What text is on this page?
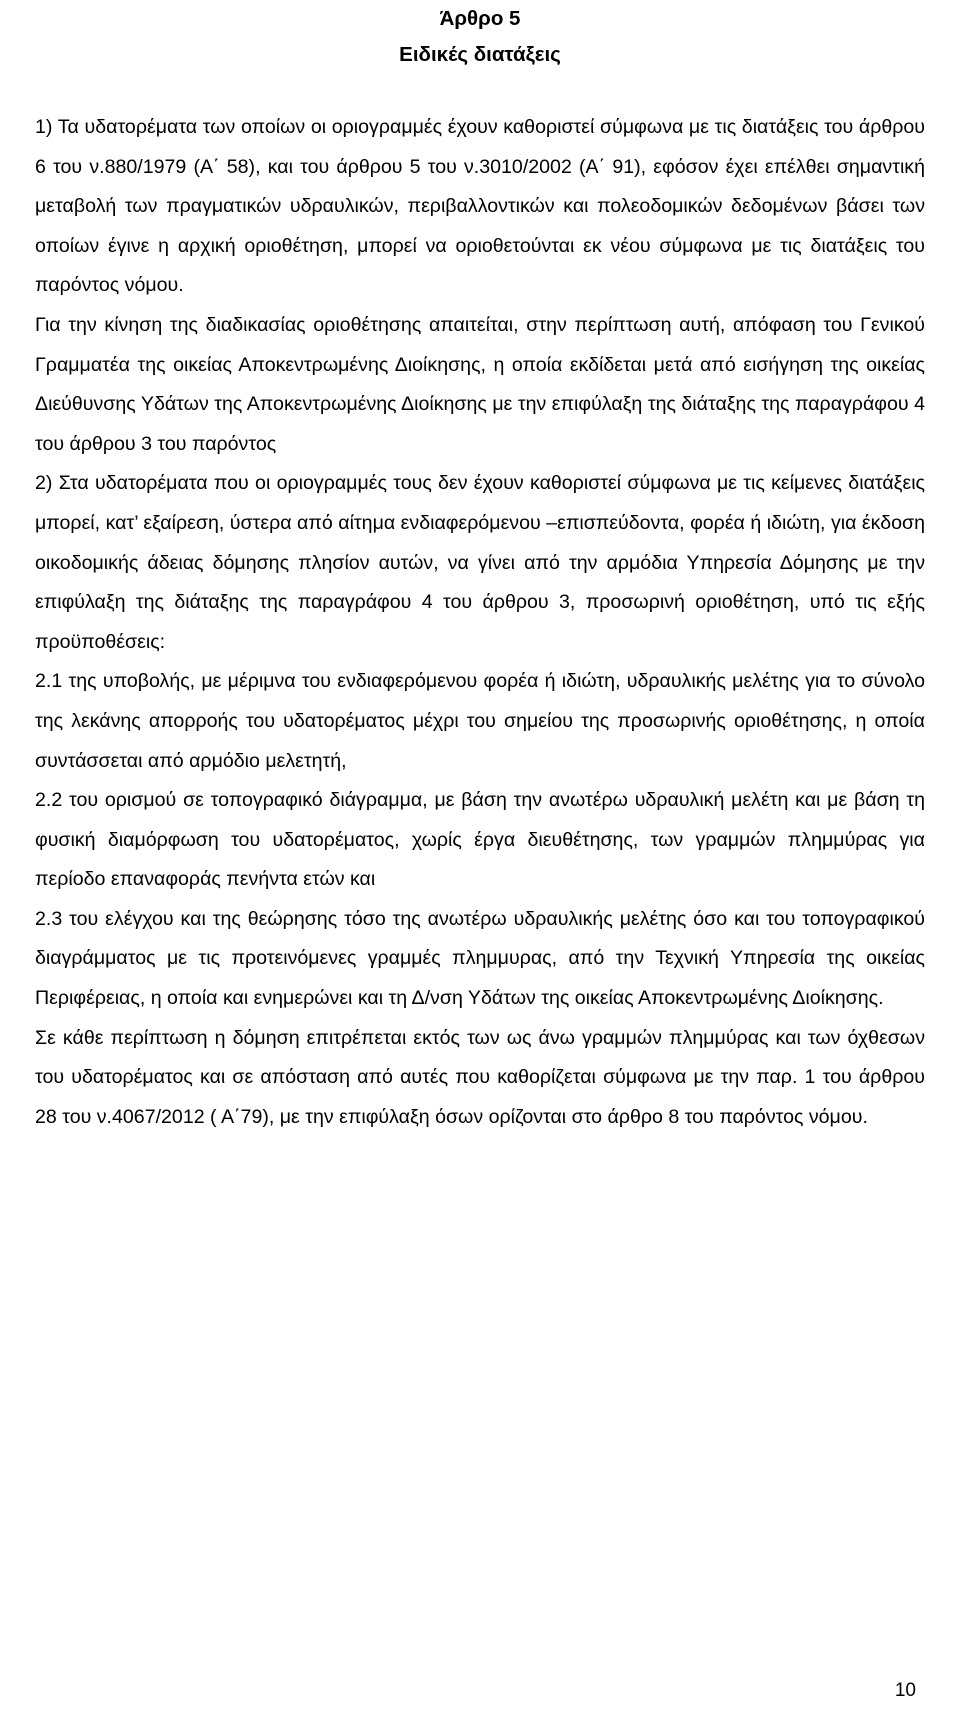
Άρθρο 5
Ειδικές διατάξεις

1) Τα υδατορέματα των οποίων οι οριογραμμές έχουν καθοριστεί σύμφωνα με τις διατάξεις του άρθρου 6 του ν.880/1979 (Α΄ 58), και του άρθρου 5 του ν.3010/2002 (Α΄ 91), εφόσον έχει επέλθει σημαντική μεταβολή των πραγματικών υδραυλικών, περιβαλλοντικών και πολεοδομικών δεδομένων βάσει των οποίων έγινε η αρχική οριοθέτηση, μπορεί να οριοθετούνται εκ νέου σύμφωνα με τις διατάξεις του παρόντος νόμου.

Για την κίνηση της διαδικασίας οριοθέτησης απαιτείται, στην περίπτωση αυτή, απόφαση του Γενικού Γραμματέα της οικείας Αποκεντρωμένης Διοίκησης, η οποία εκδίδεται μετά από εισήγηση της οικείας Διεύθυνσης Υδάτων της Αποκεντρωμένης Διοίκησης με την επιφύλαξη της διάταξης της παραγράφου 4 του άρθρου 3 του παρόντος

2) Στα υδατορέματα που οι οριογραμμές τους δεν έχουν καθοριστεί σύμφωνα με τις κείμενες διατάξεις μπορεί, κατ’ εξαίρεση, ύστερα από αίτημα ενδιαφερόμενου –επισπεύδοντα, φορέα ή ιδιώτη, για έκδοση οικοδομικής άδειας δόμησης πλησίον αυτών, να γίνει από την αρμόδια Υπηρεσία Δόμησης με την επιφύλαξη της διάταξης της παραγράφου 4 του άρθρου 3, προσωρινή οριοθέτηση, υπό τις εξής προϋποθέσεις:

2.1 της υποβολής, με μέριμνα του ενδιαφερόμενου φορέα ή ιδιώτη, υδραυλικής μελέτης για το σύνολο της λεκάνης απορροής του υδατορέματος μέχρι του σημείου της προσωρινής οριοθέτησης, η οποία συντάσσεται από αρμόδιο μελετητή,

2.2 του ορισμού σε τοπογραφικό διάγραμμα, με βάση την ανωτέρω υδραυλική μελέτη και με βάση τη φυσική διαμόρφωση του υδατορέματος, χωρίς έργα διευθέτησης, των γραμμών πλημμύρας για περίοδο επαναφοράς πενήντα ετών και

2.3 του ελέγχου και της θεώρησης τόσο της ανωτέρω υδραυλικής μελέτης όσο και του τοπογραφικού διαγράμματος με τις προτεινόμενες γραμμές πλημμυρας, από την Τεχνική Υπηρεσία της οικείας Περιφέρειας, η οποία και ενημερώνει και τη Δ/νση Υδάτων της οικείας Αποκεντρωμένης Διοίκησης.

Σε κάθε περίπτωση η δόμηση επιτρέπεται εκτός των ως άνω γραμμών πλημμύρας και των όχθεσων του υδατορέματος και σε απόσταση από αυτές που καθορίζεται σύμφωνα με την παρ. 1 του άρθρου 28 του ν.4067/2012 ( Α΄79), με την επιφύλαξη όσων ορίζονται στο άρθρο 8 του παρόντος νόμου.

10
